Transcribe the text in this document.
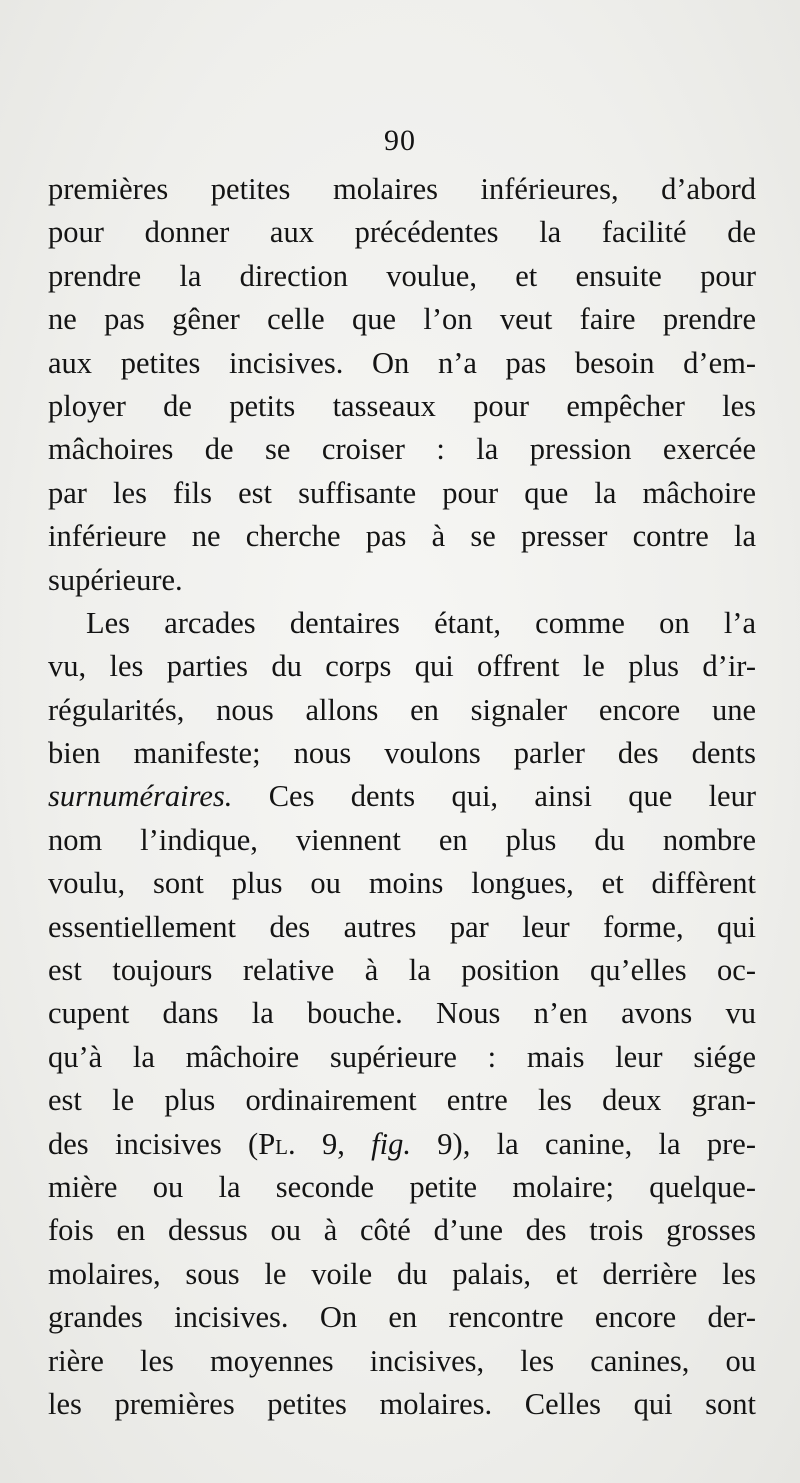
90
premières petites molaires inférieures, d’abord
pour donner aux précédentes la facilité de
prendre la direction voulue, et ensuite pour
ne pas gêner celle que l’on veut faire prendre
aux petites incisives. On n’a pas besoin d’em-
ployer de petits tasseaux pour empêcher les
mâchoires de se croiser : la pression exercée
par les fils est suffisante pour que la mâchoire
inférieure ne cherche pas à se presser contre la
supérieure.
Les arcades dentaires étant, comme on l’a
vu, les parties du corps qui offrent le plus d’ir-
régularités, nous allons en signaler encore une
bien manifeste; nous voulons parler des dents
surnuméraires. Ces dents qui, ainsi que leur
nom l’indique, viennent en plus du nombre
voulu, sont plus ou moins longues, et diffèrent
essentiellement des autres par leur forme, qui
est toujours relative à la position qu’elles oc-
cupent dans la bouche. Nous n’en avons vu
qu’à la mâchoire supérieure : mais leur siége
est le plus ordinairement entre les deux gran-
des incisives (Pl. 9, fig. 9), la canine, la pre-
mière ou la seconde petite molaire; quelque-
fois en dessus ou à côté d’une des trois grosses
molaires, sous le voile du palais, et derrière les
grandes incisives. On en rencontre encore der-
rière les moyennes incisives, les canines, ou
les premières petites molaires. Celles qui sont
